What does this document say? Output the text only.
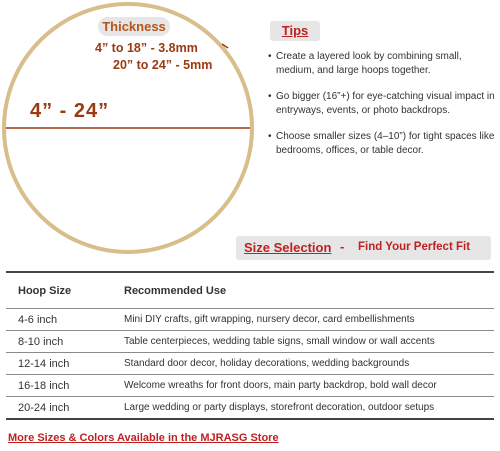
Thickness
4” to 18” - 3.8mm
20” to 24” - 5mm
4” - 24”
Tips
• Create a layered look by combining small, medium, and large hoops together.
• Go bigger (16”+) for eye-catching visual impact in entryways, events, or photo backdrops.
• Choose smaller sizes (4–10”) for tight spaces like bedrooms, offices, or table decor.
Size Selection - Find Your Perfect Fit
Hoop Size	Recommended Use
4-6 inch	Mini DIY crafts, gift wrapping, nursery decor, card embellishments
8-10 inch	Table centerpieces, wedding table signs, small window or wall accents
12-14 inch	Standard door decor, holiday decorations, wedding backgrounds
16-18 inch	Welcome wreaths for front doors, main party backdrop, bold wall decor
20-24 inch	Large wedding or party displays, storefront decoration, outdoor setups
More Sizes & Colors Available in the MJRASG Store
